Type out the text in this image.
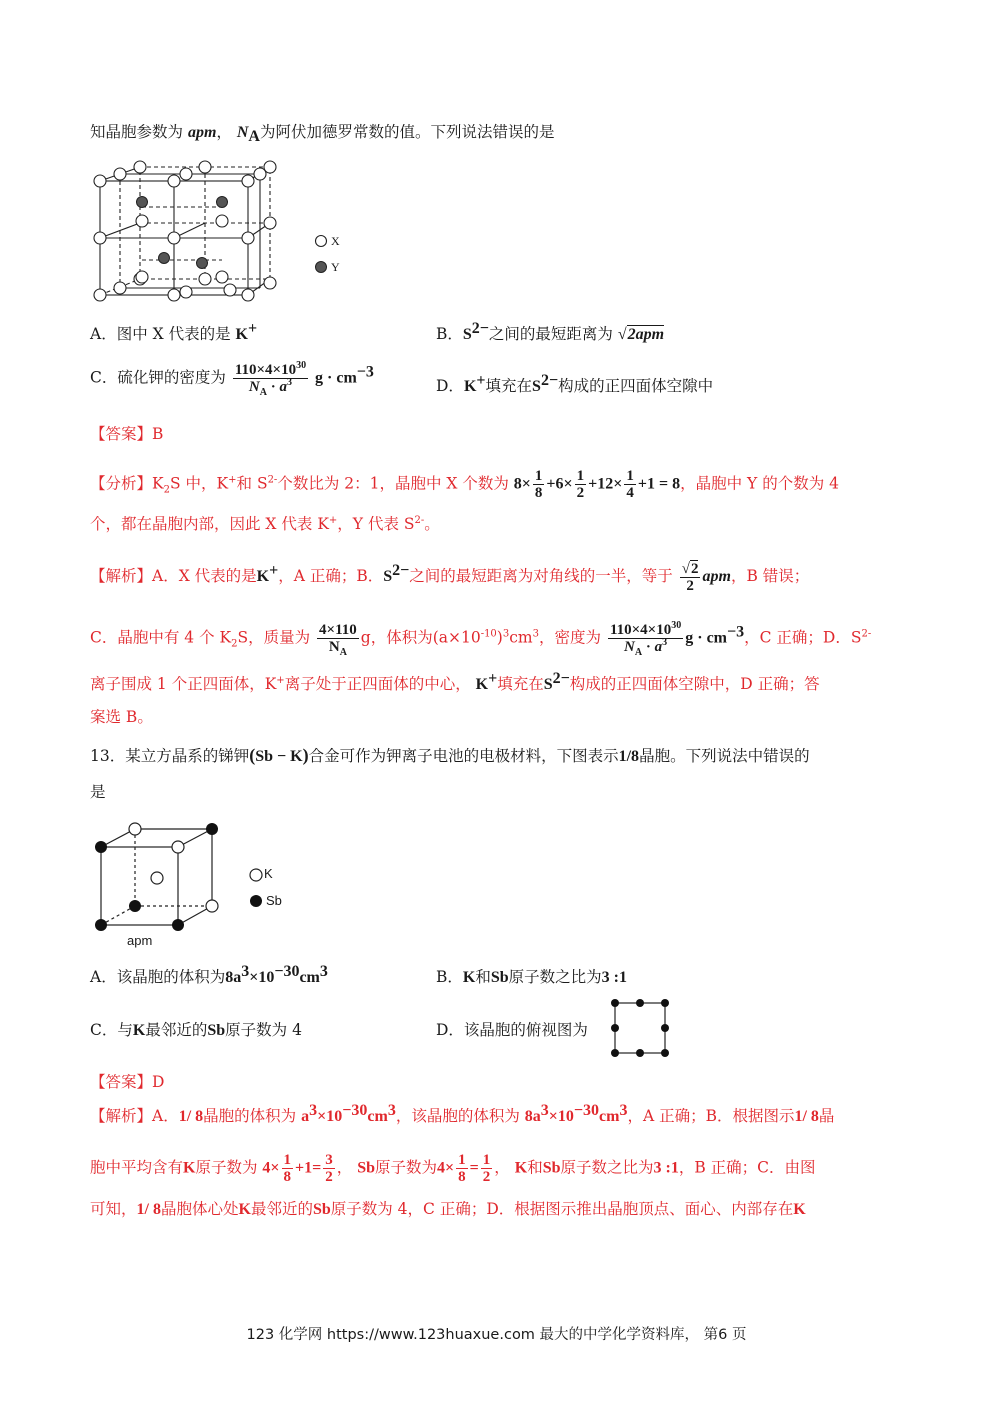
知晶胞参数为 apm， $N_A$为阿伏加德罗常数的值。下列说法错误的是
X
Y
A．图中 X 代表的是 K+	B．$S^{2-}$之间的最短距离为 √2apm
C．硫化钾的密度为 $\frac{110\times 4\times 10^{30}}{N_A \cdot a^3}$ $g \cdot cm^{-3}$
D．K+填充在$S^{2-}$构成的正四面体空隙中
【答案】B
【分析】$K_2S$ 中，K+和 $S^{2-}$个数比为 2：1，晶胞中 X 个数为 $8\times \frac{1}{8} +6\times \frac{1}{2} +12\times \frac{1}{4} +1 = 8$，晶胞中 Y 的个数为 4
个，都在晶胞内部，因此 X 代表 K+，Y 代表 $S^{2-}$。
【解析】A．X 代表的是K+，A 正确；B．$S^{2-}$之间的最短距离为对角线的一半，等于 $\frac{√2}{2}$ apm，B 错误；
C．晶胞中有 4 个 $K_2S$，质量为 $\frac{4\times 110}{N_A}$ g，体积为$(a\times 10^{-10})^3cm^3$，密度为 $\frac{110\times 4\times 10^{30}}{N_A \cdot a^3}$ $g \cdot cm^{-3}$，C 正确；D．$S^{2-}$
离子围成 1 个正四面体，K+离子处于正四面体的中心， K+填充在$S^{2-}$构成的正四面体空隙中，D 正确；答
案选 B。
13．某立方晶系的锑钾(Sb − K)合金可作为钾离子电池的电极材料，下图表示1/8晶胞。下列说法中错误的
是
apm
K
Sb
A．该晶胞的体积为$8a^3\times 10^{-30}cm^3$	B．K和Sb原子数之比为3 :1
C．与K最邻近的Sb原子数为 4	D．该晶胞的俯视图为
【答案】D
【解析】A．1/ 8晶胞的体积为 $a^3\times 10^{-30}cm^3$，该晶胞的体积为 $8a^3\times 10^{-30}cm^3$，A 正确；B．根据图示1/ 8晶
胞中平均含有K原子数为 $4\times \frac{1}{8} +1= \frac{3}{2}$ ， Sb原子数为$4\times \frac{1}{8} = \frac{1}{2}$ ， K和Sb原子数之比为3 :1，B 正确；C．由图
可知，1/ 8晶胞体心处K最邻近的Sb原子数为 4，C 正确；D．根据图示推出晶胞顶点、面心、内部存在K
123 化学网 https://www.123huaxue.com 最大的中学化学资料库， 第6 页
